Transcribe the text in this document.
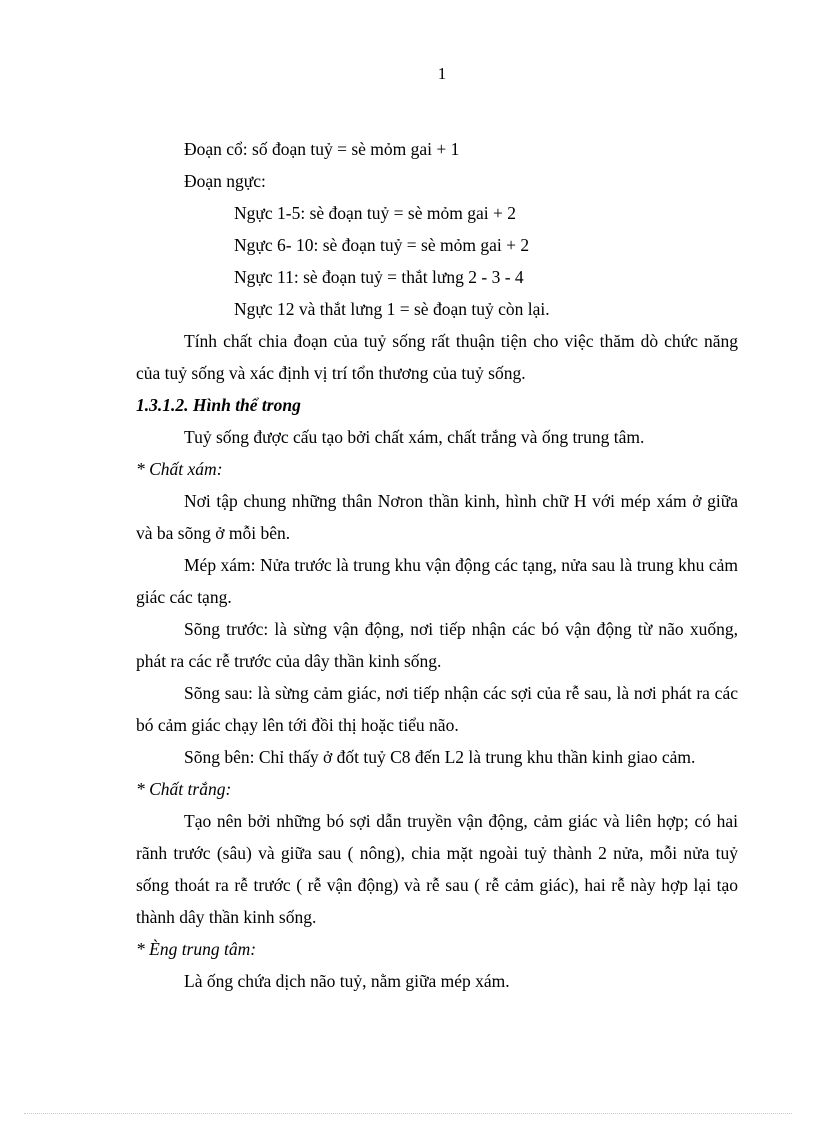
1

Đoạn cổ: số đoạn tuỷ = sè mỏm gai + 1

Đoạn ngực:

Ngực 1-5: sè đoạn tuỷ = sè mỏm gai + 2

Ngực 6- 10: sè đoạn tuỷ = sè mỏm gai + 2

Ngực 11: sè đoạn tuỷ = thắt lưng 2 - 3 - 4

Ngực 12 và thắt lưng 1 = sè đoạn tuỷ còn lại.

Tính chất chia đoạn của tuỷ sống rất thuận tiện cho việc thăm dò chức năng của tuỷ sống và xác định vị trí tổn thương của tuỷ sống.

1.3.1.2. Hình thể trong

Tuỷ sống được cấu tạo bởi chất xám, chất trắng và ống trung tâm.

* Chất xám:

Nơi tập chung những thân Nơron thần kinh, hình chữ H với mép xám ở giữa và ba sõng ở mỗi bên.

Mép xám: Nửa trước là trung khu vận động các tạng, nửa sau là trung khu cảm giác các tạng.

Sõng trước: là sừng vận động, nơi tiếp nhận các bó vận động từ não xuống, phát ra các rễ trước của dây thần kinh sống.

Sõng sau: là sừng cảm giác, nơi tiếp nhận các sợi của rễ sau, là nơi phát ra các bó cảm giác chạy lên tới đồi thị hoặc tiểu não.

Sõng bên: Chỉ thấy ở đốt tuỷ C8 đến L2 là trung khu thần kinh giao cảm.

* Chất trắng:

Tạo nên bởi những bó sợi dẫn truyền vận động, cảm giác và liên hợp; có hai rãnh trước (sâu) và giữa sau ( nông), chia mặt ngoài tuỷ thành 2 nửa, mỗi nửa tuỷ sống thoát ra rễ trước ( rễ vận động) và rễ sau ( rễ cảm giác), hai rễ này hợp lại tạo thành dây thần kinh sống.

* Èng trung tâm:

Là ống chứa dịch não tuỷ, nằm giữa mép xám.
